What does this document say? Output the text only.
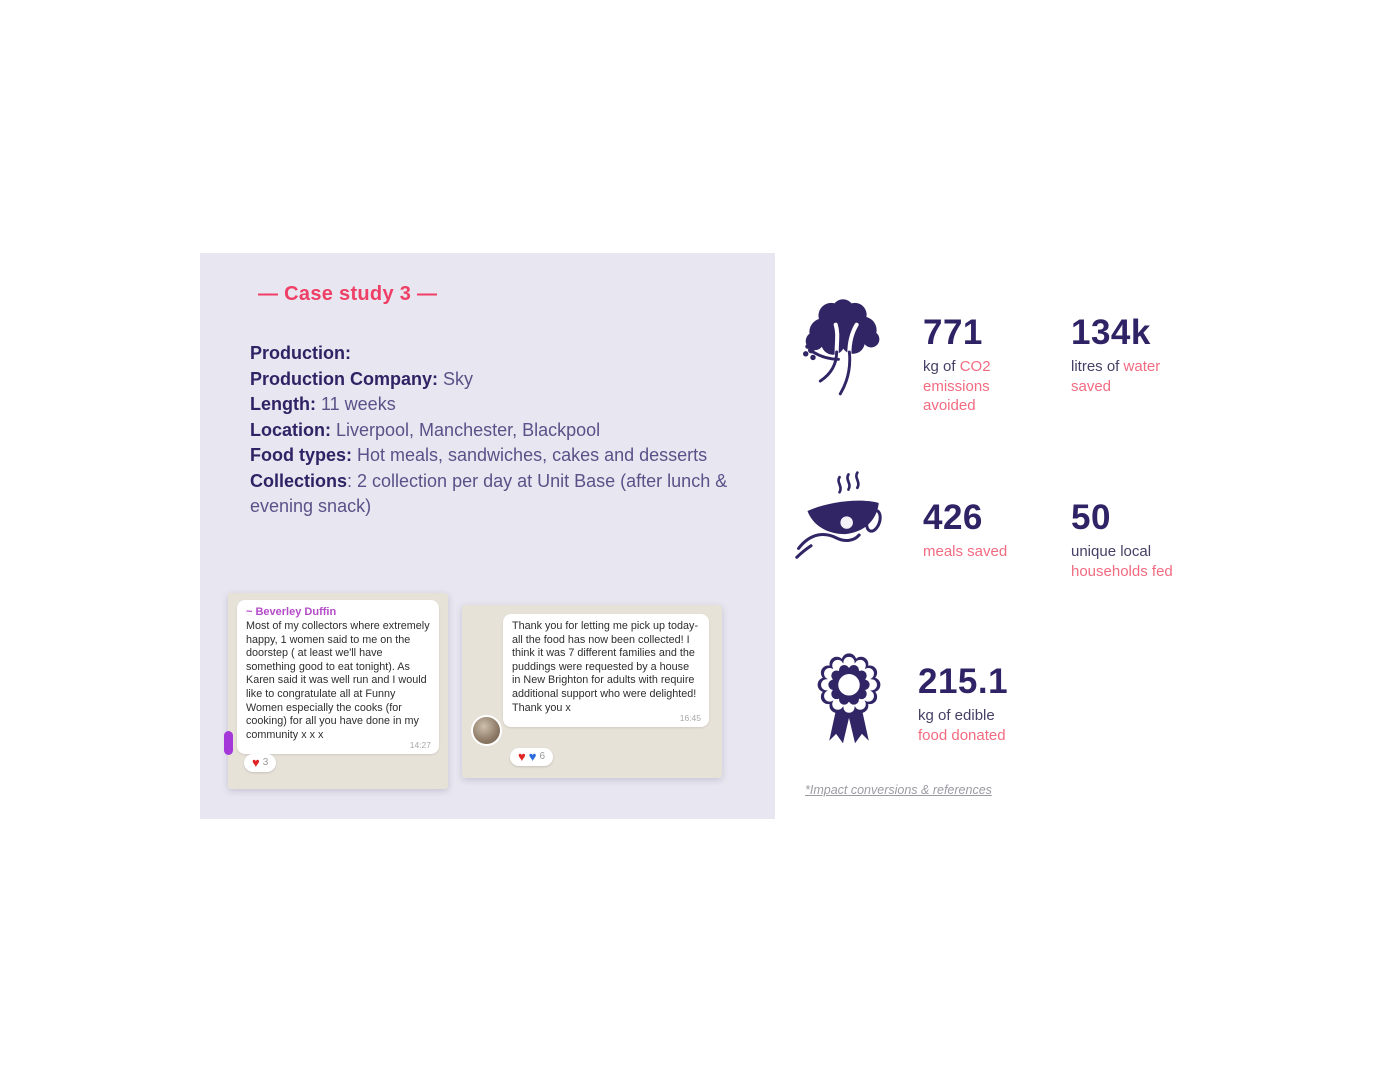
— Case study 3 —
Production:
Production Company: Sky
Length: 11 weeks
Location: Liverpool, Manchester, Blackpool
Food types: Hot meals, sandwiches, cakes and desserts
Collections: 2 collection per day at Unit Base (after lunch & evening snack)
~ Beverley Duffin

Most of my collectors where extremely happy, 1 women said to me on the doorstep ( at least we'll have something good to eat tonight). As Karen said it was well run and I would like to congratulate all at Funny Women especially the cooks (for cooking) for all you have done in my community x x x

14:27
♥ 3

Thank you for letting me pick up today- all the food has now been collected! I think it was 7 different families and the puddings were requested by a house in New Brighton for adults with require additional support who were delighted! Thank you x

16:45
♥ ♥ 6
771
kg of CO2 emissions avoided
134k
litres of water saved
426
meals saved
50
unique local households fed
215.1
kg of edible food donated
*Impact conversions & references
